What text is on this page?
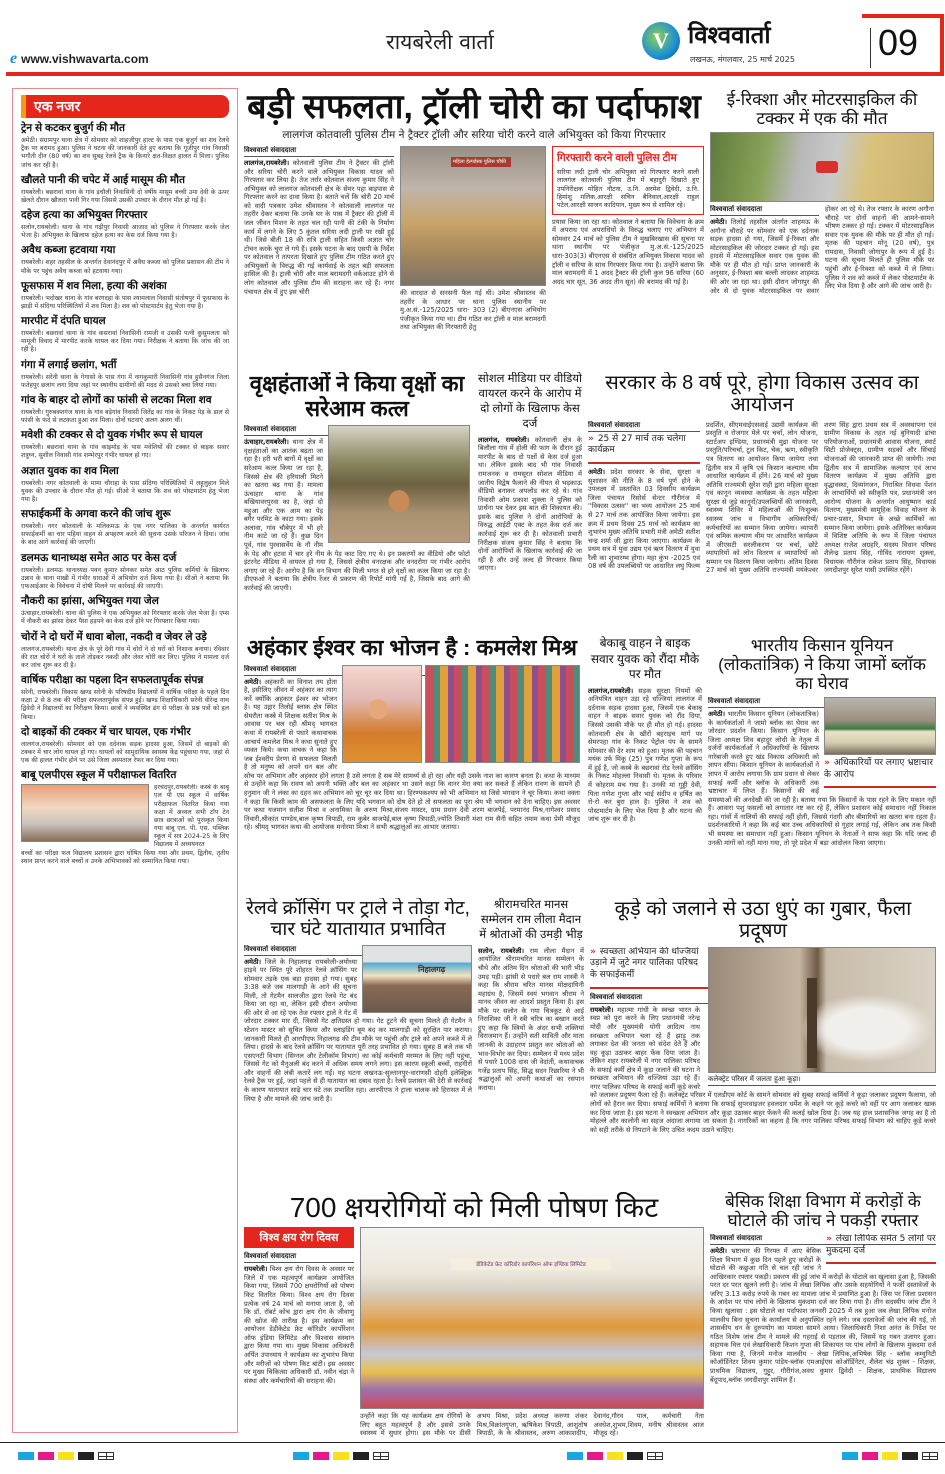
e www.vishwavarta.com
रायबरेली वार्ता	V विश्ववार्ता
लखनऊ, मंगलवार, 25 मार्च 2025 09
एक नजर
ट्रेन से कटकर बुजुर्ग की मौत

अमेठी। संग्रामपुर थाना क्षेत्र में सोमवार को शाहजीपुर हाल्ट के पास एक बुजुर्ग का शव रेलवे ट्रैक पर बरामद हुआ। पुलिस ने घटना की जानकारी देते हुए बताया कि गूजीपुर गांव निवासी भगौती दीन (80 वर्ष) का शव सुबह रेलवे ट्रैक के किनारे क्षत-विक्षत हालत में मिला। पुलिस जांच कर रही है।

खौलते पानी की चपेट में आई मासूम की मौत

रायबरेली। बछरावां थाना के गांव इचौली निवासिनी दो वर्षीय मासूम बच्ची उमा देवी के ऊपर खेलते दौरान खौलता पानी गिर गया जिससे उसकी उपचार के दौरान मौत हो गई है।

दहेज हत्या का अभियुक्त गिरफ्तार

सलोन,रायबरेली। थाना के गांव गढ़ीपुर निवासी आजाद को पुलिस ने गिरफ्तार करके जेल भेजा है। अभियुक्त के खिलाफ दहेज हत्या का केस दर्ज किया गया है।

अवैध कब्जा हटवाया गया

रायबरेली। शहर तहसील के अन्तर्गत देवानंदपुर में अवैध कब्जा को पुलिस प्रशासन की टीम ने मौके पर पहुंच अवैध कब्जा को हटवाया गया।

फूसफास में शव मिला, हत्या की अशंका

रायबरेली। भदोखर थाना के गांव बरगदहा के पास श्यामलाल निवासी संतोषपुर में फूसफास के झाड़ी में संदिग्ध परिस्थितियों में शव मिला है। शव को पोस्टमार्टम हेतु भेजा गया है।

मारपीट में दंपति घायल

रायबरेली। बछरावां थाना के गांव कसरावां निवासिनी रामजी व उसकी पत्नी कुसुमलता को मामूली विवाद में मारपीट करके घायल कर दिया गया। निरीक्षक ने बताया कि जांच की जा रही है।

गंगा में लगाई छलांग, भर्ती

रायबरेली। सरेनी थाना के गेगासो के पास गंगा में नागकुमारी निवासिनी गांव हुसैनगंज जिला फतेहपुर छलांग लगा दिया जहां पर स्थानीय ग्रामीणों की मदद से उसको बचा लिया गया।

गांव के बाहर दो लोगों का फांसी से लटका मिला शव

रायबरेली। गुरुबक्शगंज थाना के गांव बड़ेगांव निवासी जितेंद्र का गांव के निकट पेड़ के डाल से फांसी के फंदे से लटकता हुआ शव मिला। दोनों घटनाएं अलग अलग थीं।

मवेशी की टक्कर से दो युवक गंभीर रूप से घायल

रायबरेली। बछरावां थाना के गांव काइमोड़ के पास मवेशियों की टक्कर से बाइक सवार शत्रुघ्न, सुशील निवासी गांव शम्भेरपुर गंभीर घायल हो गए।

अज्ञात युवक का शव मिला

रायबरेली। नगर कोतवाली के मामा चौराहा के पास संदिग्ध परिस्थितियों में लहूलुहान मिले युवक की उपचार के दौरान मौत हो गई। सीओ ने बताया कि शव को पोस्टमार्टम हेतु भेजा गया है।

सफाईकर्मी के अगवा करने की जांच शुरू

रायबरेली। नगर कोतवाली के मलिकमऊ के एक नगर पालिका के अन्तर्गत कार्यरत सफाईकर्मी का चार पहिया वाहन से अपहरण करने की सूचना उसके परिजन ने दिया। जांच के बाद आगे कार्रवाई की जाएगी।

डलमऊ थानाध्यक्ष समेत आठ पर केस दर्ज

रायबरेली। डलमऊ थानाध्यक्ष पवन कुमार सोनकर समेत आठ पुलिस कर्मियों के खिलाफ उन्नाव के थाना माखी में गंभीर धाराओं में अभियोग दर्ज किया गया है। सीओ ने बताया कि एफआईआर के विवेचना में दोषी मिलने पर कार्रवाई की जाएगी।

नौकरी का झांसा, अभियुक्त गया जेल

ऊंचाहार,रायबरेली। थाना की पुलिस ने एक अभियुक्त को गिरफ्तार करके जेल भेजा है। एम्स में नौकरी का झांसा देकर पैसा हड़पने का केस दर्ज होने पर गिरफ्तार किया गया।

चोरों ने दो घरों में धावा बोला, नकदी व जेवर ले उड़े

लालगंज,रायबरेली। थाना क्षेत्र के पूरे देवी गांव में चोरों ने दो घरों को निशाना बनाया। रविवार की रात चोरों ने घरों के ताले तोड़कर नकदी और जेवर चोरी कर लिए। पुलिस ने मामला दर्ज कर जांच शुरू कर दी है।

वार्षिक परीक्षा का पहला दिन सफलतापूर्वक संपन्न

सरेनी, रायबरेली। विकास खण्ड सरेनी के परिषदीय विद्यालयों में वार्षिक परीक्षा के पहले दिन कक्षा 2 से 8 तक की परीक्षा सफलतापूर्वक संपन्न हुई। खण्ड शिक्षाधिकारी सरेनी वीरेन्द्र नाथ द्विवेदी ने विद्यालयों का निरीक्षण किया। छात्रों ने व्यवस्थित ढंग से परीक्षा के प्रश्न पत्रों को हल किया।

दो बाइकों की टक्कर में चार घायल, एक गंभीर

लालगंज,रायबरेली। सोमवार को एक दर्दनाक सड़क हादसा हुआ, जिसमें दो बाइकों की टक्कर में चार लोग घायल हो गए। घायलों को सामुदायिक स्वास्थ्य केंद्र पहुंचाया गया, जहां से एक की हालत गंभीर होने पर उसे जिला अस्पताल रेफर कर दिया गया।

बाबू एलपीएस स्कूल में परीक्षाफल वितरित

हरचंदपुर,रायबरेली। कस्बे के बाबू एल पी एस स्कूल में वार्षिक परीक्षाफल वितरित किया गया कक्षा में अव्वल सभी टॉप टेन छात्र छात्राओं को पुरस्कृत किया गया बाबू एल. पी. एस. पब्लिक स्कूल में सत्र 2024-25 के लिए विद्यालय में अध्ययनरत

बच्चों का परीक्षा फल विद्यालय प्रशासन द्वारा घोषित किया गया और प्रथम, द्वितीय, तृतीय स्थान प्राप्त करने वाले बच्चों व उनके अभिभावकों को सम्मानित किया गया।

बड़ी सफलता, ट्रॉली चोरी का पर्दाफाश
लालगंज कोतवाली पुलिस टीम ने ट्रैक्टर ट्रॉली और सरिया चोरी करने वाले अभियुक्त को किया गिरफ्तार
विश्ववार्ता संवाददाता
लालगंज,रायबरेली। कोतवाली पुलिस टीम ने ट्रैक्टर की ट्रॉली और सरिया चोरी करने वाले अभियुक्त विकास यादव को गिरफ्तार कर लिया है। तेज तर्रार कोतवाल संजय कुमार सिंह ने अभियुक्त को लालगंज कोतवाली क्षेत्र के सेमर पहा बाइपास से गिरफ्तार करने का दावा किया है। बताते चलें कि चोरी 20 मार्च को वादी पत्रकार उमेश श्रीवास्तव ने कोतवाली लालगंज पर तहरीर देकर बताया कि उनके घर के पास में ट्रैक्टर की ट्रॉली में जल जीवन मिशन के तहत चल रही पानी की टंकी के निर्माण कार्य में लगने के लिए 5 कुंतल सरिया लदी ट्राली पर रखी हुई थी। जिसे बीती 18 की रात्रि ट्राली सहित किसी अज्ञात चोर टोचन करके चुरा ले गये हैं। इसके घटना के बाद एसपी के निर्देश पर कोतवाल ने तत्परता दिखाते हुए पुलिस टीम गठित करते हुए अभियुक्तों के विरुद्ध की गई कार्यवाई के तहत बड़ी सफलता हासिल की है। ट्राली चोरी और माल बरामदगी वर्कआउट होने से लोग कोतवाल और पुलिस टीम की सराहना कर रहे हैं। नगर पंचायत क्षेत्र में हुए इस चोरी
महिला हेल्पडेस्क पुलिस चौकी
की वारदात से सनसनी फैल गई थी। उमेश श्रीवास्तव की तहरीर के आधार पर थाना पुलिस स्थानीय पर मु.अ.सं.-125/2025 धारा- 303 (2) बीएनएस अभियोग पंजीकृत किया गया था। टीम गठित कर ट्रॉली व माल बरामदगी तथा अभियुक्त की गिरफ्तारी हेतु
गिरफ्तारी करने वाली पुलिस टीम
सरिया लदी ट्राली चोर अभियुक्त को गिरफ्तार करने वाली लालगंज कोतवाली पुलिस टीम में बहादुरी दिखाते हुए उपनिरीक्षक मोहित नौटना, उ.नि. अरमेश द्विवेदी, उ.नि. हिमांशु मलिक,आरक्षी सचिन बैनिवाल,आरक्षी राहुल पटेल,आरक्षी साजन कादियान, मुख्य रूप से शामिल रहे।
प्रयास किया जा रहा था। कोतवाल ने बताया कि विवेचना के क्रम में अपराध एवं अपराधियों के विरुद्ध चलाए गए अभियान में सोमवार 24 मार्च को पुलिस टीम ने मुखबिरखास की सूचना पर थाना स्थानीय पर पंजीकृत मु.अ.सं.-125/2025 धारा-303(3) बीएनएस से संबंधित अभियुक्त विकास यादव को ट्रॉली व सरिया के साथ गिरफ्तार किया गया है। उन्होंने बताया कि माल बरामदगी में 1 अदद ट्रैक्टर की ट्रॉली कुल 96 सरिया (60 अदद चार सूत, 36 अदद तीन सूत) की बरामद की गई है।
ई-रिक्शा और मोटरसाइकिल की टक्कर में एक की मौत
विश्ववार्ता संवाददाता
अमेठी। तिलोई तहसील अंतर्गत शाहमऊ के अगौना चौराहे पर सोमवार को एक दर्दनाक सड़क हादसा हो गया, जिसमें ई-रिक्शा और मोटरसाइकिल की जोरदार टक्कर हो गई। इस हादसे में मोटरसाइकिल सवार एक युवक की मौके पर ही मौत हो गई। प्राप्त जानकारी के अनुसार, ई-रिक्शा बस बल्ली लादकर शाहमऊ की ओर जा रहा था। इसी दौरान जोगापुर की ओर से दो युवक मोटरसाइकिल पर सवार होकर आ रहे थे। तेज रफ्तार के कारण अगौना चौराहे पर दोनों वाहनों की आमने-सामने भीषण टक्कर हो गई। टक्कर में मोटरसाइकिल सवार एक युवक की मौके पर ही मौत हो गई। मृतक की पहचान मोनू (20 वर्ष), पुत्र रामदास, निवासी जोगापुर के रूप में हुई है। घटना की सूचना मिलते ही पुलिस मौके पर पहुंची और ई-रिक्शा को कब्जे में ले लिया। पुलिस ने शव को कब्जे में लेकर पोस्टमार्टम के लिए भेज दिया है और आगे की जांच जारी है।
वृक्षहंताओं ने किया वृक्षों का सरेआम कत्ल
विश्ववार्ता संवाददाता
ऊंचाहार,रायबरेली। थाना क्षेत्र में वृक्षहंताओं का आतंक बढ़ता जा रहा है। हरी भरी बागों में वृक्षों का सरेआम कत्ल किया जा रहा है, जिससे क्षेत्र की हरियाली मिटने का खतरा बढ़ गया है। मामला ऊंचाहार थाना के गांव बखियावरपुरवा का है, जहां दो महुआ और एक आम का पेड़ बगैर परमिट के काटा गया। इसके अलावा, गांव चौबेपुर में भी हरे नीम काटे जा रहे हैं। कुछ दिन पूर्व, गांव पुरवासर्वेय के नौ नीम के पेड़ और हटवा में चार हरे नीम के पेड़ काट दिए गए थे। इन प्रकरणों का वीडियो और फोटो इंटरनेट मीडिया में वायरल हो गया है, जिससे क्षेत्रीय वनरक्षक और वनदरोगा पर गंभीर आरोप लगाए जा रहे हैं। आरोप है कि वन विभाग की मिली भगत से हरे वृक्षों का कत्ल किया जा रहा है। डीएफओ ने बताया कि क्षेत्रीय रेंजर से प्रकरण की रिपोर्ट मांगी गई है, जिसके बाद आगे की कार्रवाई की जाएगी।
सोशल मीडिया पर वीडियो वायरल करने के आरोप में दो लोगों के खिलाफ केस दर्ज
लालगंज, रायबरेली। कोतवाली क्षेत्र के बिलौला गांव में होली की फाग के दौरान हुई मारपीट के बाद दो पक्षों से केस दर्ज हुआ था। लेकिन इसके बाद भी गांव निवासी रामजनक व रामसूरत सोशल मीडिया में जातीय विद्वेष फैलाने की नीयत से भड़काऊ वीडियो बनाकर अपलोड कर रहे थे। गांव निवासी ओम प्रकाश शुक्ला ने पुलिस को प्रार्थना पत्र देकर इस बात की शिकायत की। इसके बाद पुलिस ने दोनों आरोपियों के विरुद्ध आईटी एक्ट के तहत केस दर्ज कर कार्रवाई शुरू कर दी है। कोतवाली प्रभारी निरीक्षक संजय कुमार सिंह ने बताया कि दोनों आरोपियों के खिलाफ कार्रवाई की जा रही है और उन्हें जल्द ही गिरफ्तार किया जाएगा।
सरकार के 8 वर्ष पूरे, होगा विकास उत्सव का आयोजन
विश्ववार्ता संवाददाता
» 25 से 27 मार्च तक चलेगा कार्यक्रम
अमेठी। प्रदेश सरकार के सेवा, सुरक्षा व सुशासन की नीति के 8 वर्ष पूर्ण होने के उपलक्ष्य में प्रस्तावित 03 दिवसीय कार्यक्रम जिला पंचायत रिसोर्स सेन्टर गौरीगंज में ''विकास उत्सव'' का भव्य आयोजन 25 मार्च से 27 मार्च तक आयोजित किया जायेगा। इस क्रम में प्रथम दिवस 25 मार्च को कार्यक्रम का शुभारंभ मुख्य अतिथि प्रभारी मंत्री अमेठी सतीश चन्द्र शर्मा जी द्वारा किया जाएगा। कार्यक्रम के प्रथम सत्र में युवा उद्यम एवं ऋण वितरण में युवा रैली का शुभारम्भ होगा। महा कुंभ -2025 एवं 08 वर्ष की उपलब्धियों पर आधारित लघु फिल्म प्रदर्शित, सीएमवाईएसवाई उद्यमी कार्यक्रम की प्रस्तुति व रोजगार मेले पर चर्चा, लोन योजना, स्टार्टअप इण्डिया, प्रधानमंत्री मुद्रा योजना पर प्रस्तुति/परिचर्चा, टूल किट, चेक, ऋण, स्वीकृति पत्र वितरण का आयोजन किया जायेगा तथा द्वितीय सत्र में कृषि एवं किसान कल्याण थीम आधारित कार्यक्रम में होंगे। 26 मार्च को मुख्य अतिथि राज्यमंत्री सुरेश राही द्वारा महिला सुरक्षा एवं कानून व्यवस्था कार्यक्रम के तहत महिला सुरक्षा से जुड़े कानूनों/उपलब्धियों की जानकारी, स्वास्थ्य शिविर में महिलाओं की निःशुल्क स्वास्थ्य जांच व विभागीय अधिकारियों/कर्मचारियों का सम्मान किया जायेगा। व्यापारी एवं श्रमिक कल्याण थीम पर आधारित कार्यक्रम में जीएसटी सरलीकरण पर चर्चा, छोटे व्यापारियों को लोन वितरण व व्यापारियों को सम्मान पत्र वितरण किया जायेगा। अंतिम दिवस 27 मार्च को मुख्य अतिथि राज्यमंत्री मयंकेश्वर शरण सिंह द्वारा प्रथम सत्र में अवस्थापना एवं ग्रामीण विकास के तहत नई बुनियादी ढांचा परियोजनाओं, प्रधानमंत्री आवास योजना, स्मार्ट सिटी प्रोजेक्ट्स, ग्रामीण सड़कों और सिंचाई योजनाओं की जानकारी प्राप्त की जायेगी। तथा द्वितीय सत्र में सामाजिक कल्याण एवं लाभ वितरण कार्यक्रम में मुख्य अतिथि द्वारा वृद्धावस्था, दिव्यांगजन, निराश्रित विधवा पेंशन के लाभार्थियों को स्वीकृति पत्र, प्रधानमंत्री जन आरोग्य योजना के अन्तर्गत आयुष्मान कार्ड वितरण, मुख्यमंत्री सामूहिक विवाह योजना के प्रचार-प्रसार, विभाग के अच्छे कार्मिकों का सम्मान किया जायेगा। इसके अतिरिक्त कार्यक्रम में विशिष्ट अतिथि के रूप में जिला पंचायत अध्यक्ष राजेश अग्रहरि, सदस्य विधान परिषद शैलेन्द्र प्रताप सिंह, गोविंद नारायण शुक्ला, विधायक गौरीगंज राकेश प्रताप सिंह, विधायक जगदीशपुर सुरेश पासी उपस्थित रहेंगे।
अहंकार ईश्वर का भोजन है : कमलेश मिश्र
विश्ववार्ता संवाददाता
अमेठी। अहंकारी का विनाश तय होता है, इसीलिए जीवन में अहंकार का त्याग करें क्योंकि अहंकार ईश्वर का भोजन है। यह उद्गार तिलोई ब्लाक क्षेत्र स्थित सेमरौता कस्बे में शिक्षक सतीश मिश्र के आवास पर चल रही श्रीमद् भागवत कथा में रायबरेली से पधारे कथावाचक आचार्य कमलेश मिश्र ने कथा सुनाते हुए व्यक्त किये। कथा वाचक ने कहा कि जब ईश्वरीय प्रेरणा से सफलता मिलती है तो मनुष्य को अपने धन बल और सोच पर अभिमान और अहंकार होने लगता है उसे लगता है सब मेरे सामर्थ्य से हो रहा और यही उसके नाश का कारण बनता है। कथा के माध्यम से उन्होंने कहा कि रावण को अपनी भक्ति और बल का अहंकार था उसने कहा कि वानर मेरा क्या कर सकते हैं लेकिन रावण के सामने ही हनुमान जी ने लंका का दहन कर अभिमान को चूर चूर कर दिया था। हिरण्यकश्यप को भी अभिमान था जिसे भगवान ने चूर किया। कथा वक्ता ने कहा कि किसी काम की असफलता के लिए यदि भगवान को दोष देते हो तो सफलता का पूरा श्रेय भी भगवान को देना चाहिए। इस अवसर पर कथा यजमान सतीश मिश्रा व अनामिका के अरुण मिश्रा,संजय मास्टर, ग्राम प्रधान देवी शरण बाजपेई, परमानंद मिश्र,नागेश्वर प्रसाद तिवारी,श्रीकांत पाण्डेय,बाल कृष्ण त्रिपाठी, राम कुबेर बाजपेई,बाल कृष्ण त्रिपाठी,ज्योति तिवारी मंशा राम सैनी सहित तमाम कथा प्रेमी मौजूद रहे। श्रीमद् भागवत कथा की आयोजक मनोरमा मिश्रा ने सभी श्रद्धालुओं का आभार जताया।
बेकाबू वाहन ने बाइक सवार युवक को रौंदा मौके पर मौत
लालगंज,रायबरेली। सड़क सुरक्षा नियमों की अनियंत्रित वाहन उड़ा रहे धज्जियां लालगंज में दर्दनाक सड़क हादसा हुआ, जिसमें एक बेकाबू वाहन ने बाइक सवार युवक को रौंद दिया, जिससे उसकी मौके पर ही मौत हो गई। हादसा कोतवाली क्षेत्र के खीरों बहराइच मार्ग पर सेमरपहा गांव के निकट पेट्रोल पंप के सामने सोमवार की देर शाम को हुआ। मृतक की पहचान मयंक उर्फ मिंकू (25) पुत्र गणेश गुप्ता के रूप में हुई है, जो कस्बे के बछरावां रोड रेलवे क्रॉसिंग के निकट मोहल्ला निवासी थे। मृतक के परिवार में कोहराम मच गया है। उनकी मां गुड्डी देवी, पिता गणेश गुप्ता और भाई संदीप व हर्षित का रो-रो कर बुरा हाल है। पुलिस ने शव को पोस्टमार्टम के लिए भेज दिया है और घटना की जांच शुरू कर दी है।
भारतीय किसान यूनियन (लोकतांत्रिक) ने किया जामों ब्लॉक का घेराव
» अधिकारियों पर लगाए भ्रष्टाचार के आरोप
विश्ववार्ता संवाददाता
अमेठी। भारतीय किसान यूनियन (लोकतांत्रिक) के कार्यकर्ताओं ने जामो ब्लॉक का घेराव कर जोरदार प्रदर्शन किया। किसान यूनियन के जिला अध्यक्ष शिव बहादुर लोधी के नेतृत्व में दर्जनों कार्यकर्ताओं ने अधिकारियों के खिलाफ नारेबाजी करते हुए खंड विकास अधिकारी को ज्ञापन सौंपा। किसान यूनियन के कार्यकर्ताओं ने ज्ञापन में आरोप लगाया कि ग्राम प्रधान से लेकर सफाई कर्मी और ब्लॉक के अधिकारी तक भ्रष्टाचार में लिप्त हैं। किसानों की कई समस्याओं की अनदेखी की जा रही है। बताया गया कि किसानों के पास रहने के लिए मकान नहीं हैं। आवारा पशु फसलों को लगातार नष्ट कर रहे हैं, लेकिन प्रशासन कोई समाधान नहीं निकाल रहा। गांवों में नालियों की सफाई नहीं होती, जिससे गंदगी और बीमारियों का खतरा बना रहता है। प्रदर्शनकारियों ने कहा कि कई बार उच्च अधिकारियों से गुहार लगाई गई, लेकिन अब तक किसी भी समस्या का समाधान नहीं हुआ। किसान यूनियन के नेताओं ने साफ कहा कि यदि जल्द ही उनकी मांगों को नहीं माना गया, तो पूरे प्रदेश में बड़ा आंदोलन किया जाएगा।
रेलवे क्रॉसिंग पर ट्राले ने तोड़ा गेट, चार घंटे यातायात प्रभावित
निहालगढ़
विश्ववार्ता संवाददाता
अमेठी। जिले के निहालगढ़ रायबरेली-अयोध्या हाइवे पर स्थित पूरे शोहरत रेलवे क्रॉसिंग पर सोमवार तड़के एक बड़ा हादसा हो गया। सुबह 3:38 बजे जब मालगाड़ी के आने की सूचना मिली, तो गेटमैन सालजीत द्वारा रेलवे गेट बंद किया जा रहा था, लेकिन इसी दौरान अयोध्या की ओर से आ रहे एक तेज रफ्तार ट्राले ने गेट में जोरदार टक्कर मार दी, जिससे गेट क्षतिग्रस्त हो गया। गेट टूटने की सूचना मिलते ही गेटमैन ने स्टेशन मास्टर को सूचित किया और स्लाइडिंग बूम बंद कर मालगाड़ी को सुरक्षित पार कराया। जानकारी मिलते ही आरपीएफ निहालगढ़ की टीम मौके पर पहुंची और ट्राले को अपने कब्जे में ले लिया। हादसे के बाद रेलवे क्रॉसिंग पर यातायात पूरी तरह प्रभावित हो गया। सुबह 8 बजे तक भी एसएनटी विभाग (सिग्नल और टेलीकॉम विभाग) का कोई कर्मचारी मरम्मत के लिए नहीं पहुंचा, जिससे गेट को मैनुअली बंद करने में अधिक समय लगने लगा। इस कारण स्कूली बच्चों, राहगीरों और वाहनों की लंबी कतारें लग गईं। यह घटना लखनऊ-सुल्तानपुर-वाराणसी दोहरी इलेक्ट्रिक रेलवे ट्रैक पर हुई, जहां पहले से ही यातायात का दबाव रहता है। रेलवे प्रशासन की देरी से कार्रवाई के कारण यातायात साढ़े चार घंटे तक प्रभावित रहा। आरपीएफ ने ट्राला चालक को हिरासत में ले लिया है और मामले की जांच जारी है।
श्रीरामचरित मानस सम्मेलन राम लीला मैदान में श्रोताओं की उमड़ी भीड़
सलोन, रायबरेली। राम लीला मैदान में आयोजित श्रीरामचरित मानस सम्मेलन के चौथे और अंतिम दिन श्रोताओं की भारी भीड़ उमड़ पड़ी। झांसी से पधारे बल राम शास्त्री ने कहा कि श्रीराम चरित मानस मोक्षदायिनी महाग्रंथ है, जिसमें स्वयं भगवान श्रीराम ने मानव जीवन का आदर्श प्रस्तुत किया है। इस मौके पर सलोन के गया चित्रकूट से आई निराशिका जी ने स्त्री चरित्र का बखान करते हुए कहा कि स्त्रियों के अंदर सभी शक्तियां विराजमान हैं। उन्होंने सती साविती और माता जानकी के उदाहरण प्रस्तुत कर श्रोताओं को भाव-विभोर कर दिया। सम्मेलन में मध्य प्रदेश से पधारे 1008 दास जी वेदांती, कथावाचक गजेंद्र प्रताप सिंह, सिद्ध सदन रिछारिया ने भी श्रद्धालुओं को अपनी कथाओं का रसपान कराया।
कूड़े को जलाने से उठा धुएं का गुबार, फैला प्रदूषण
कलेक्ट्रेट परिसर में जलता हुआ कूड़ा।
» स्वच्छता अभियान की धज्जियां उड़ाने में जुटे नगर पालिका परिषद के सफाईकर्मी
विश्ववार्ता संवाददाता
रायबरेली। महात्मा गांधी के स्वच्छ भारत के स्वप्न को पूरा करने के लिए प्रधानमंत्री नरेन्द्र मोदी और मुख्यमंत्री योगी आदित्य नाथ स्वच्छता अभियान चला रहे हैं झाड़ू तक लगाकर देश की जनता को संदेश देते हैं और वह कूड़ा उठाकर बाहर फेंक दिया जाता है। लेकिन शहर रायबरेली में नगर पालिका परिषद के सफाई कर्मी क्षेत्र में कूड़ा जलाने की घटना ने स्वच्छता अभियान की धज्जियां उड़ा रहे हैं। नगर पालिका परिषद के सफाई कर्मी कूड़े कचरे को जलाकर प्रदूषण फैला रहे हैं। कलेक्ट्रेट परिसर में एलडीएम कोर्ट के सामने सोमवार को सुबह सफाई कर्मियों ने कूड़ा जलाकर प्रदूषण फैलाया, जो लोगों को हैरान कर दिया। सफाई कर्मियों ने बताया कि सफाई सुपरवाइजर हवलदार धर्मेश के कहने पर कूड़े कचरे को वहीं पर आग जलाकर खाक कर दिया जाता है। इस घटना ने स्वच्छता अभियान और कूड़ा उठाकर बाहर फेंकने की कलई खोल दिया है। जब यह हाल प्रशासनिक जगह का है तो मोहल्ले और कालोनी का सहज अंदाजा लगाया जा सकता है। नागरिकों का कहना है कि नगर पालिका परिषद सफाई विभाग को चाहिए कूड़े कचरे को सही तरीके से निपटाने के लिए उचित कदम उठाने चाहिए।
700 क्षयरोगियों को मिली पोषण किट
विश्व क्षय रोग दिवस
विश्ववार्ता संवाददाता
रायबरेली। विश्व क्षय रोग दिवस के अवसर पर जिले में एक महत्वपूर्ण कार्यक्रम आयोजित किया गया, जिसमें 700 क्षयरोगियों को पोषण किट वितरित किया। विश्व क्षय रोग दिवस प्रत्येक वर्ष 24 मार्च को मनाया जाता है, जो कि डॉ. रॉबर्ट कोच द्वारा क्षय रोग के जीवाणु की खोज की तारीख है। इस कार्यक्रम का आयोजन डेडीकेटेड फ्रेट कॉरिडोर कार्पोरेशन ऑफ इंडिया लिमिटेड और विश्वास संस्थान द्वारा किया गया था। मुख्य विकास अधिकारी अर्पित उपाध्याय ने कार्यक्रम का शुभारंभ किया और मरीजों को पोषण किट बांटी। इस अवसर पर मुख्य चिकित्सा अधिकारी डॉ. नवीन चंद्रा ने संस्था और कर्मचारियों की सराहना की।
डेडिकेटेड फ्रेट कॉरिडोर कार्पोरेशन ऑफ इण्डिया लिमिटेड
उन्होंने कहा कि यह कार्यक्रम क्षय रोगियों के लिए बहुत महत्वपूर्ण है और इससे उनके स्वास्थ्य में सुधार होगा। इस मौके पर डीसी अभय मिश्रा, प्रदेश अध्यक्ष करुणा शंकर मिश्र,विक्रांतगुप्ता, ऋषिकेश त्रिपाठी, आशुतोष त्रिपाठी, के के श्रीवास्तव, अरुण आकाशदीप, देवानंद,गौरव पाल, कर्मचारी नेता अवधेश,शुभम,शिवम, मनीष श्रीवास्तव आज मौजूद रहे।
बेसिक शिक्षा विभाग में करोड़ों के घोटाले की जांच ने पकड़ी रफ्तार
» लेखा लिपिक समेत 5 लोगों पर मुकदमा दर्ज
विश्ववार्ता संवाददाता
अमेठी। भ्रष्टाचार की गिरफ्त में आए बेसिक शिक्षा विभाग में कुछ दिन पहले हुए करोड़ों के घोटाले की कछुआ गति से चल रही जांच ने आखिरकार रफ्तार पकड़ी। प्रकरण की हुई जांच में करोड़ों के घोटाले का खुलासा हुआ है, जिसकी परत दर परत खुलने लगी है। जांच में लेखा लिपिक और उसके सहयोगियों ने फर्जी दस्तावेजों के जरिए 3.13 करोड़ रुपये के गबन का मामला जांच में प्रमाणित हुआ है। जिस पर जिला प्रशासन के आदेश पर पांच लोगों के खिलाफ मुकदमा दर्ज कर लिया गया है। तीन सदस्यीय जांच टीम ने किया खुलासा : इस घोटाले का पर्दाफाश जनवरी 2025 में तब हुआ जब लेखा लिपिक मनोज मालवीय बिना सूचना के कार्यालय से अनुपस्थित रहने लगे। जब दस्तावेजों की जांच की गई, तो शासकीय धन के दुरुपयोग का मामला सामने आया। जिलाधिकारी निशा अनंत के निर्देश पर गठित विशेष जांच टीम ने मामले की गहराई से पड़ताल की, जिसमें यह गबन उजागर हुआ। सहायक वित्त एवं लेखाधिकारी किशन गुप्ता की शिकायत पर पांच लोगों के खिलाफ मुकदमा दर्ज किया गया है, जिनमें मनोज मालवीय - लेखा लिपिक,अभिषेक सिंह - ब्लॉक कम्युनिटी कोऑर्डिनेटर शिवम कुमार पांडेय-ब्लॉक एमआईएस कोऑर्डिनेटर, शैलेश चंद्र शुक्ल - शिक्षक, प्राथमिक विद्यालय, गुट्टूर, गौरीगंज,अवध कुमार द्विवेदी - शिक्षक, प्राथमिक विद्यालय बेंदूपाद,ब्लॉक जगदीशपुर शामिल हैं।
